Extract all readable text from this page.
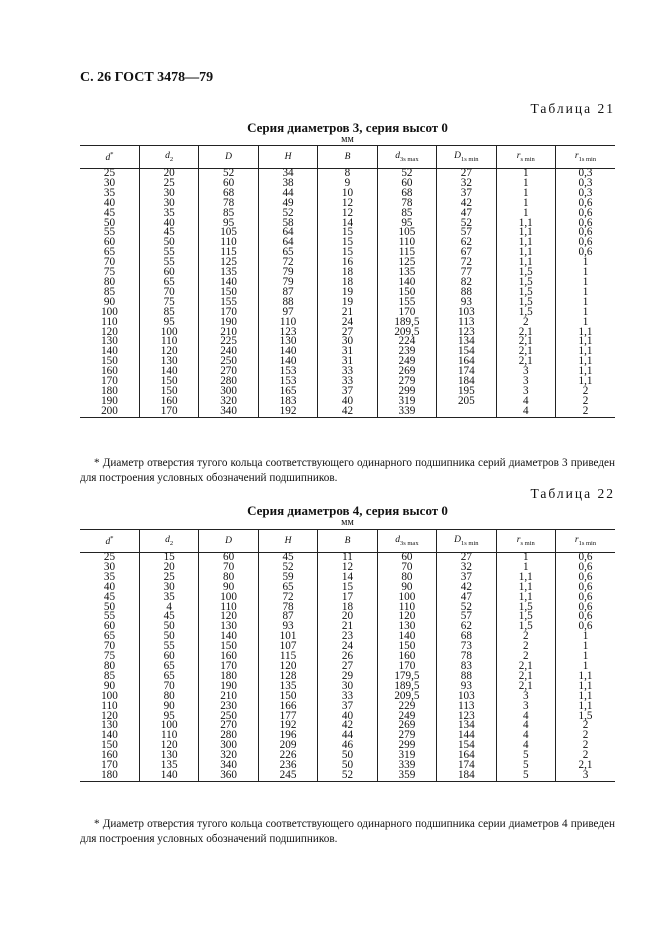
С. 26 ГОСТ 3478—79
Таблица 21
Серия диаметров 3, серия высот 0
мм
d*	$d_2$	D	H	B	$d_{3s max}$	$D_{1s min}$	$r_{s min}$	$r_{1s min}$
25	20	52	34	8	52	27	1	0,3
30	25	60	38	9	60	32	1	0,3
35	30	68	44	10	68	37	1	0,3
40	30	78	49	12	78	42	1	0,6
45	35	85	52	12	85	47	1	0,6
50	40	95	58	14	95	52	1,1	0,6
55	45	105	64	15	105	57	1,1	0,6
60	50	110	64	15	110	62	1,1	0,6
65	55	115	65	15	115	67	1,1	0,6
70	55	125	72	16	125	72	1,1	1
75	60	135	79	18	135	77	1,5	1
80	65	140	79	18	140	82	1,5	1
85	70	150	87	19	150	88	1,5	1
90	75	155	88	19	155	93	1,5	1
100	85	170	97	21	170	103	1,5	1
110	95	190	110	24	189,5	113	2	1
120	100	210	123	27	209,5	123	2,1	1,1
130	110	225	130	30	224	134	2,1	1,1
140	120	240	140	31	239	154	2,1	1,1
150	130	250	140	31	249	164	2,1	1,1
160	140	270	153	33	269	174	3	1,1
170	150	280	153	33	279	184	3	1,1
180	150	300	165	37	299	195	3	2
190	160	320	183	40	319	205	4	2
200	170	340	192	42	339		4	2
* Диаметр отверстия тугого кольца соответствующего одинарного подшипника серий диаметров 3 приведен для построения условных обозначений подшипников.
Таблица 22
Серия диаметров 4, серия высот 0
мм
d*	$d_2$	D	H	B	$d_{3s max}$	$D_{1s min}$	$r_{s min}$	$r_{1s min}$
25	15	60	45	11	60	27	1	0,6
30	20	70	52	12	70	32	1	0,6
35	25	80	59	14	80	37	1,1	0,6
40	30	90	65	15	90	42	1,1	0,6
45	35	100	72	17	100	47	1,1	0,6
50	4	110	78	18	110	52	1,5	0,6
55	45	120	87	20	120	57	1,5	0,6
60	50	130	93	21	130	62	1,5	0,6
65	50	140	101	23	140	68	2	1
70	55	150	107	24	150	73	2	1
75	60	160	115	26	160	78	2	1
80	65	170	120	27	170	83	2,1	1
85	65	180	128	29	179,5	88	2,1	1,1
90	70	190	135	30	189,5	93	2,1	1,1
100	80	210	150	33	209,5	103	3	1,1
110	90	230	166	37	229	113	3	1,1
120	95	250	177	40	249	123	4	1,5
130	100	270	192	42	269	134	4	2
140	110	280	196	44	279	144	4	2
150	120	300	209	46	299	154	4	2
160	130	320	226	50	319	164	5	2
170	135	340	236	50	339	174	5	2,1
180	140	360	245	52	359	184	5	3
* Диаметр отверстия тугого кольца соответствующего одинарного подшипника серии диаметров 4 приведен для построения условных обозначений подшипников.
